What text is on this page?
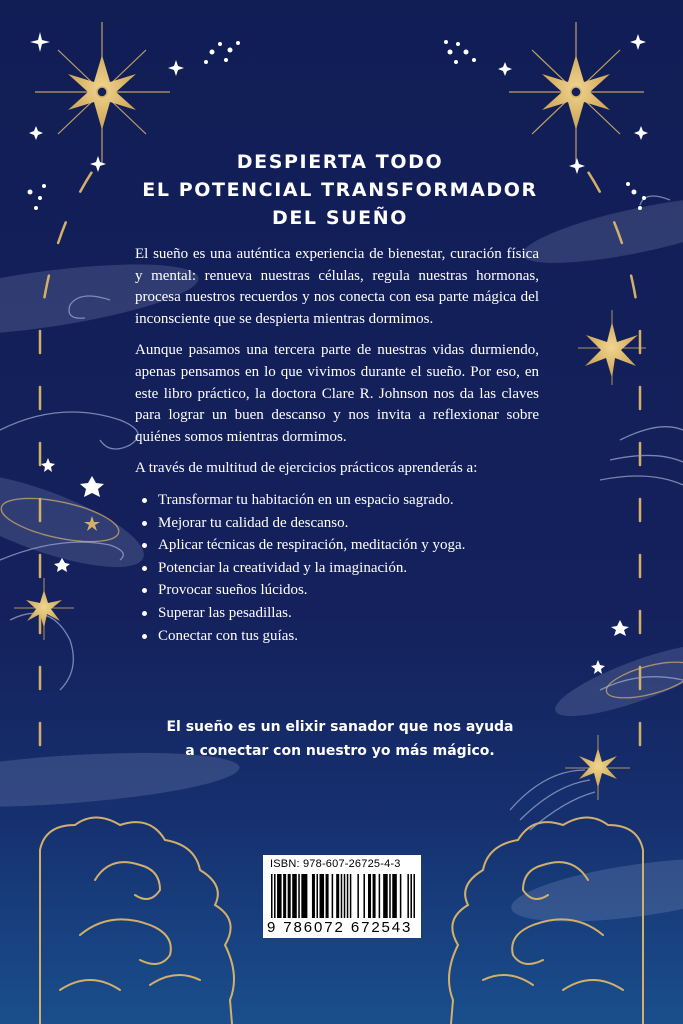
DESPIERTA TODO
EL POTENCIAL TRANSFORMADOR
DEL SUEÑO

El sueño es una auténtica experiencia de bienestar, curación física y mental: renueva nuestras células, regula nuestras hormonas, procesa nuestros recuerdos y nos conecta con esa parte mágica del inconsciente que se despierta mientras dormimos.

Aunque pasamos una tercera parte de nuestras vidas durmiendo, apenas pensamos en lo que vivimos durante el sueño. Por eso, en este libro práctico, la doctora Clare R. Johnson nos da las claves para lograr un buen descanso y nos invita a reflexionar sobre quiénes somos mientras dormimos.

A través de multitud de ejercicios prácticos aprenderás a:

Transformar tu habitación en un espacio sagrado.
Mejorar tu calidad de descanso.
Aplicar técnicas de respiración, meditación y yoga.
Potenciar la creatividad y la imaginación.
Provocar sueños lúcidos.
Superar las pesadillas.
Conectar con tus guías.
El sueño es un elixir sanador que nos ayuda
a conectar con nuestro yo más mágico.
ISBN: 978-607-26725-4-3
9 786072 672543
